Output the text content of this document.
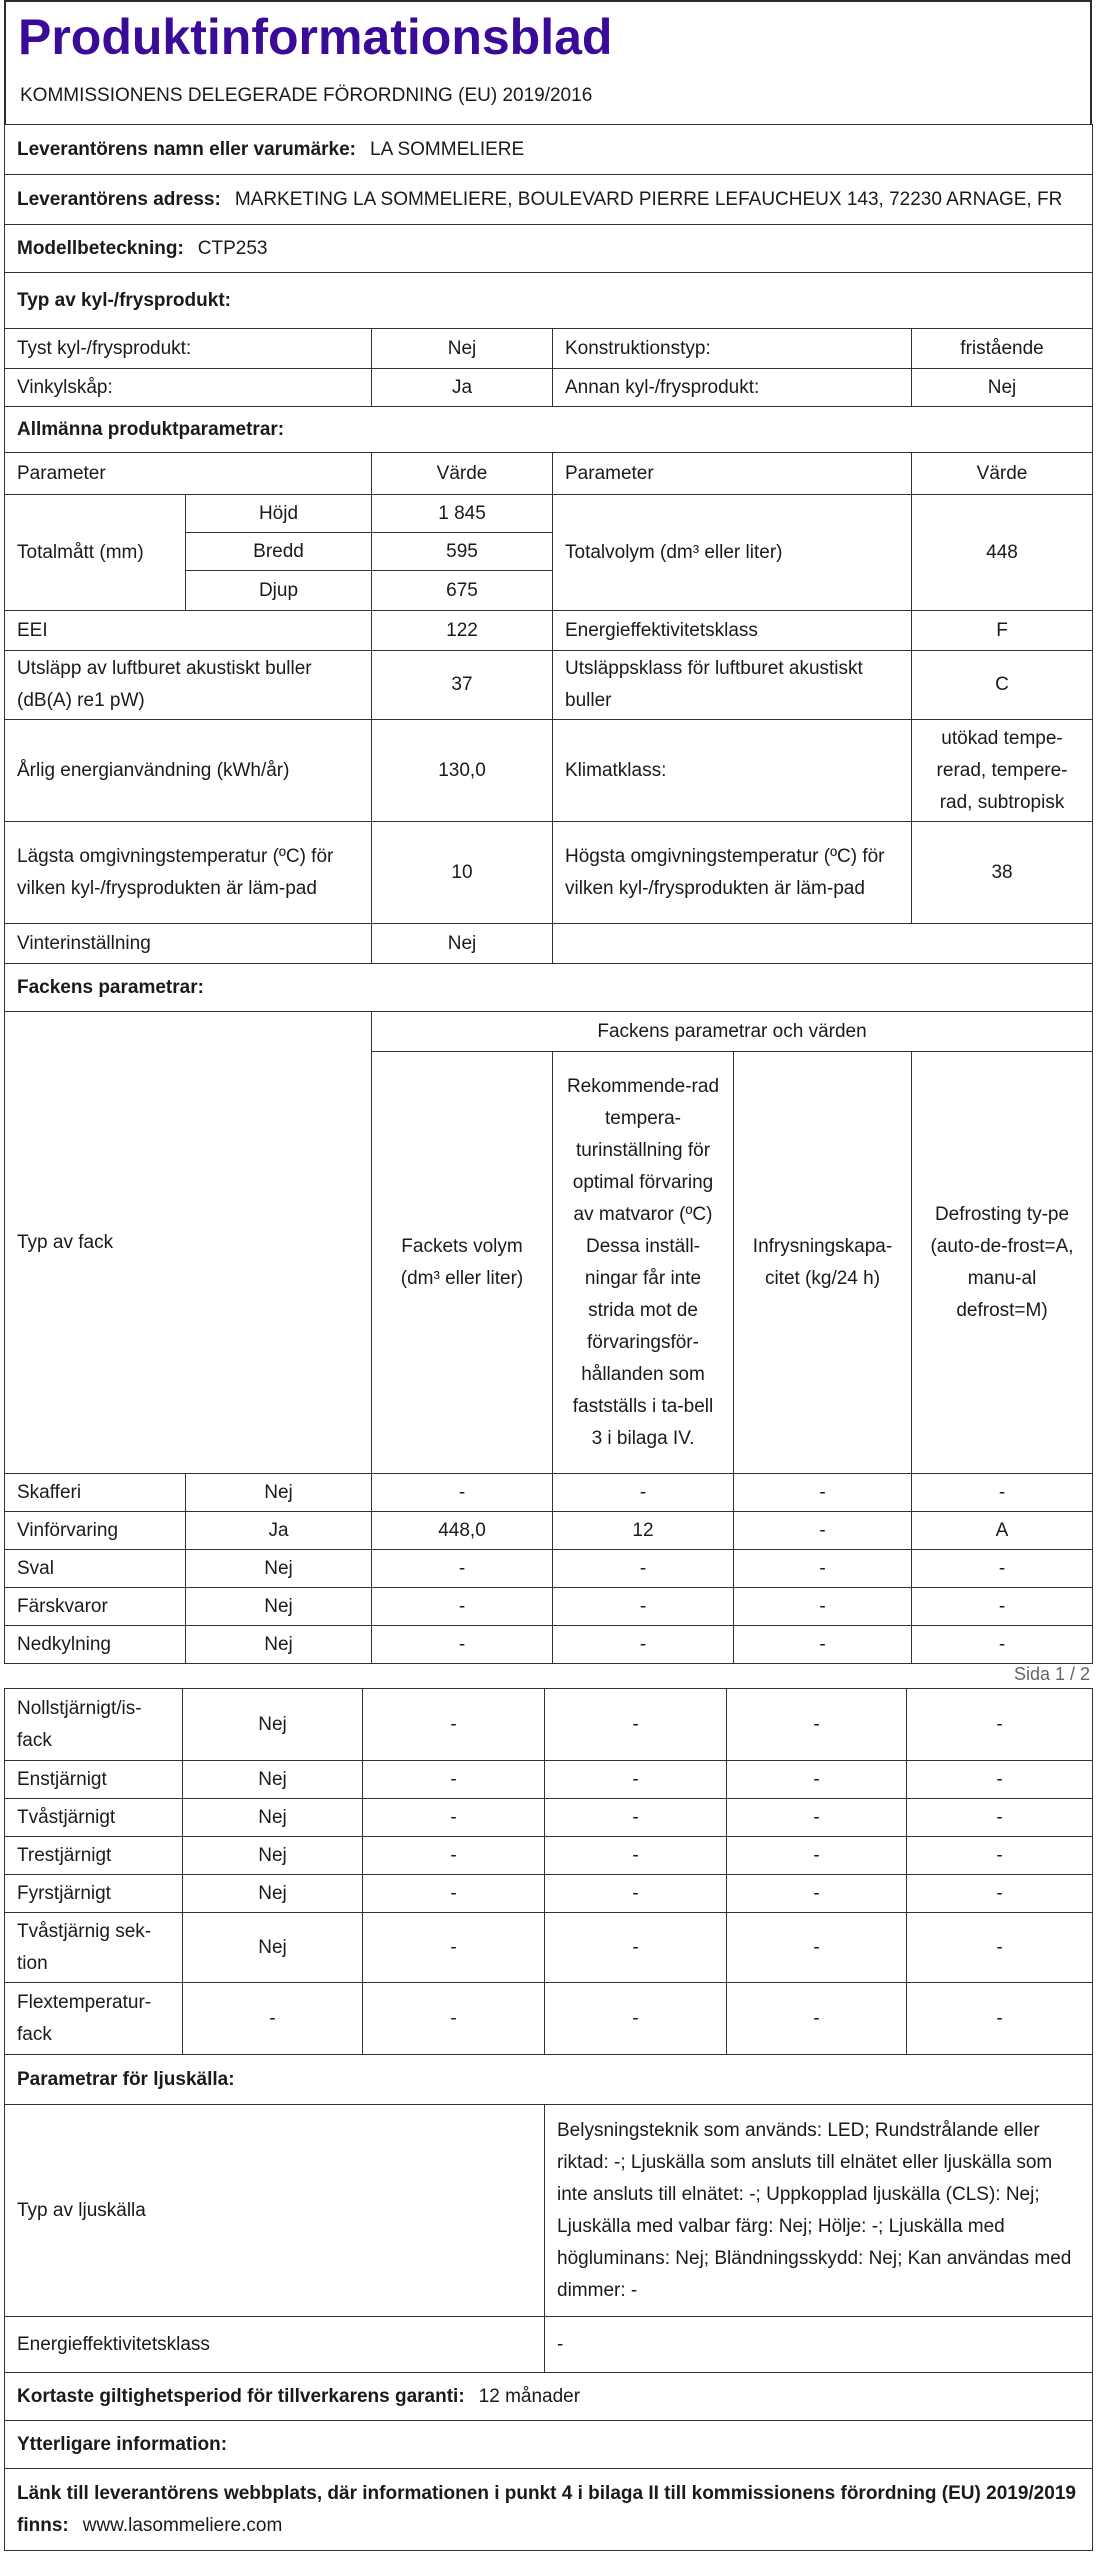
Produktinformationsblad
KOMMISSIONENS DELEGERADE FÖRORDNING (EU) 2019/2016
Leverantörens namn eller varumärke: LA SOMMELIERE					
Leverantörens adress: MARKETING LA SOMMELIERE, BOULEVARD PIERRE LEFAUCHEUX 143, 72230 ARNAGE, FR					
Modellbeteckning: CTP253					
Typ av kyl-/frysprodukt:					
Tyst kyl-/frysprodukt:		Nej	Konstruktionstyp:		fristående
Vinkylskåp:		Ja	Annan kyl-/frysprodukt:		Nej
Allmänna produktparametrar:					
Parameter		Värde	Parameter		Värde
Totalmått (mm)	Höjd	1 845	Totalvolym (dm³ eller liter)		448
	Bredd	595			
	Djup	675			
EEI		122	Energieffektivitetsklass		F
Utsläpp av luftburet akustiskt buller (dB(A) re1 pW)		37	Utsläppsklass för luftburet akustiskt buller		C
Årlig energianvändning (kWh/år)		130,0	Klimatklass:		utökad tempe-rerad, tempere-rad, subtropisk
Lägsta omgivningstemperatur (ºC) för vilken kyl-/frysprodukten är läm-pad		10	Högsta omgivningstemperatur (ºC) för vilken kyl-/frysprodukten är läm-pad		38
Vinterinställning		Nej			
Fackens parametrar:					
Typ av fack		Fackens parametrar och värden			
		Fackets volym (dm³ eller liter)	Rekommende-rad tempera-turinställning för optimal förvaring av matvaror (ºC) Dessa inställ-ningar får inte strida mot de förvaringsför-hållanden som fastställs i ta-bell 3 i bilaga IV.	Infrysningskapa-citet (kg/24 h)	Defrosting ty-pe (auto-de-frost=A, manu-al defrost=M)
Skafferi	Nej	-	-	-	-
Vinförvaring	Ja	448,0	12	-	A
Sval	Nej	-	-	-	-
Färskvaror	Nej	-	-	-	-
Nedkylning	Nej	-	-	-	-
Sida 1 / 2
Nollstjärnigt/is-fack	Nej	-	-	-	-
Enstjärnigt	Nej	-	-	-	-
Tvåstjärnigt	Nej	-	-	-	-
Trestjärnigt	Nej	-	-	-	-
Fyrstjärnigt	Nej	-	-	-	-
Tvåstjärnig sek-tion	Nej	-	-	-	-
Flextemperatur-fack	-	-	-	-	-
Parametrar för ljuskälla:					
Typ av ljuskälla			Belysningsteknik som används: LED; Rundstrålande eller riktad: -; Ljuskälla som ansluts till elnätet eller ljuskälla som inte ansluts till elnätet: -; Uppkopplad ljuskälla (CLS): Nej; Ljuskälla med valbar färg: Nej; Hölje: -; Ljuskälla med högluminans: Nej; Bländningsskydd: Nej; Kan användas med dimmer: -		
Energieffektivitetsklass			-		
Kortaste giltighetsperiod för tillverkarens garanti: 12 månader					
Ytterligare information:					
Länk till leverantörens webbplats, där informationen i punkt 4 i bilaga II till kommissionens förordning (EU) 2019/2019 finns: www.lasommeliere.com					
